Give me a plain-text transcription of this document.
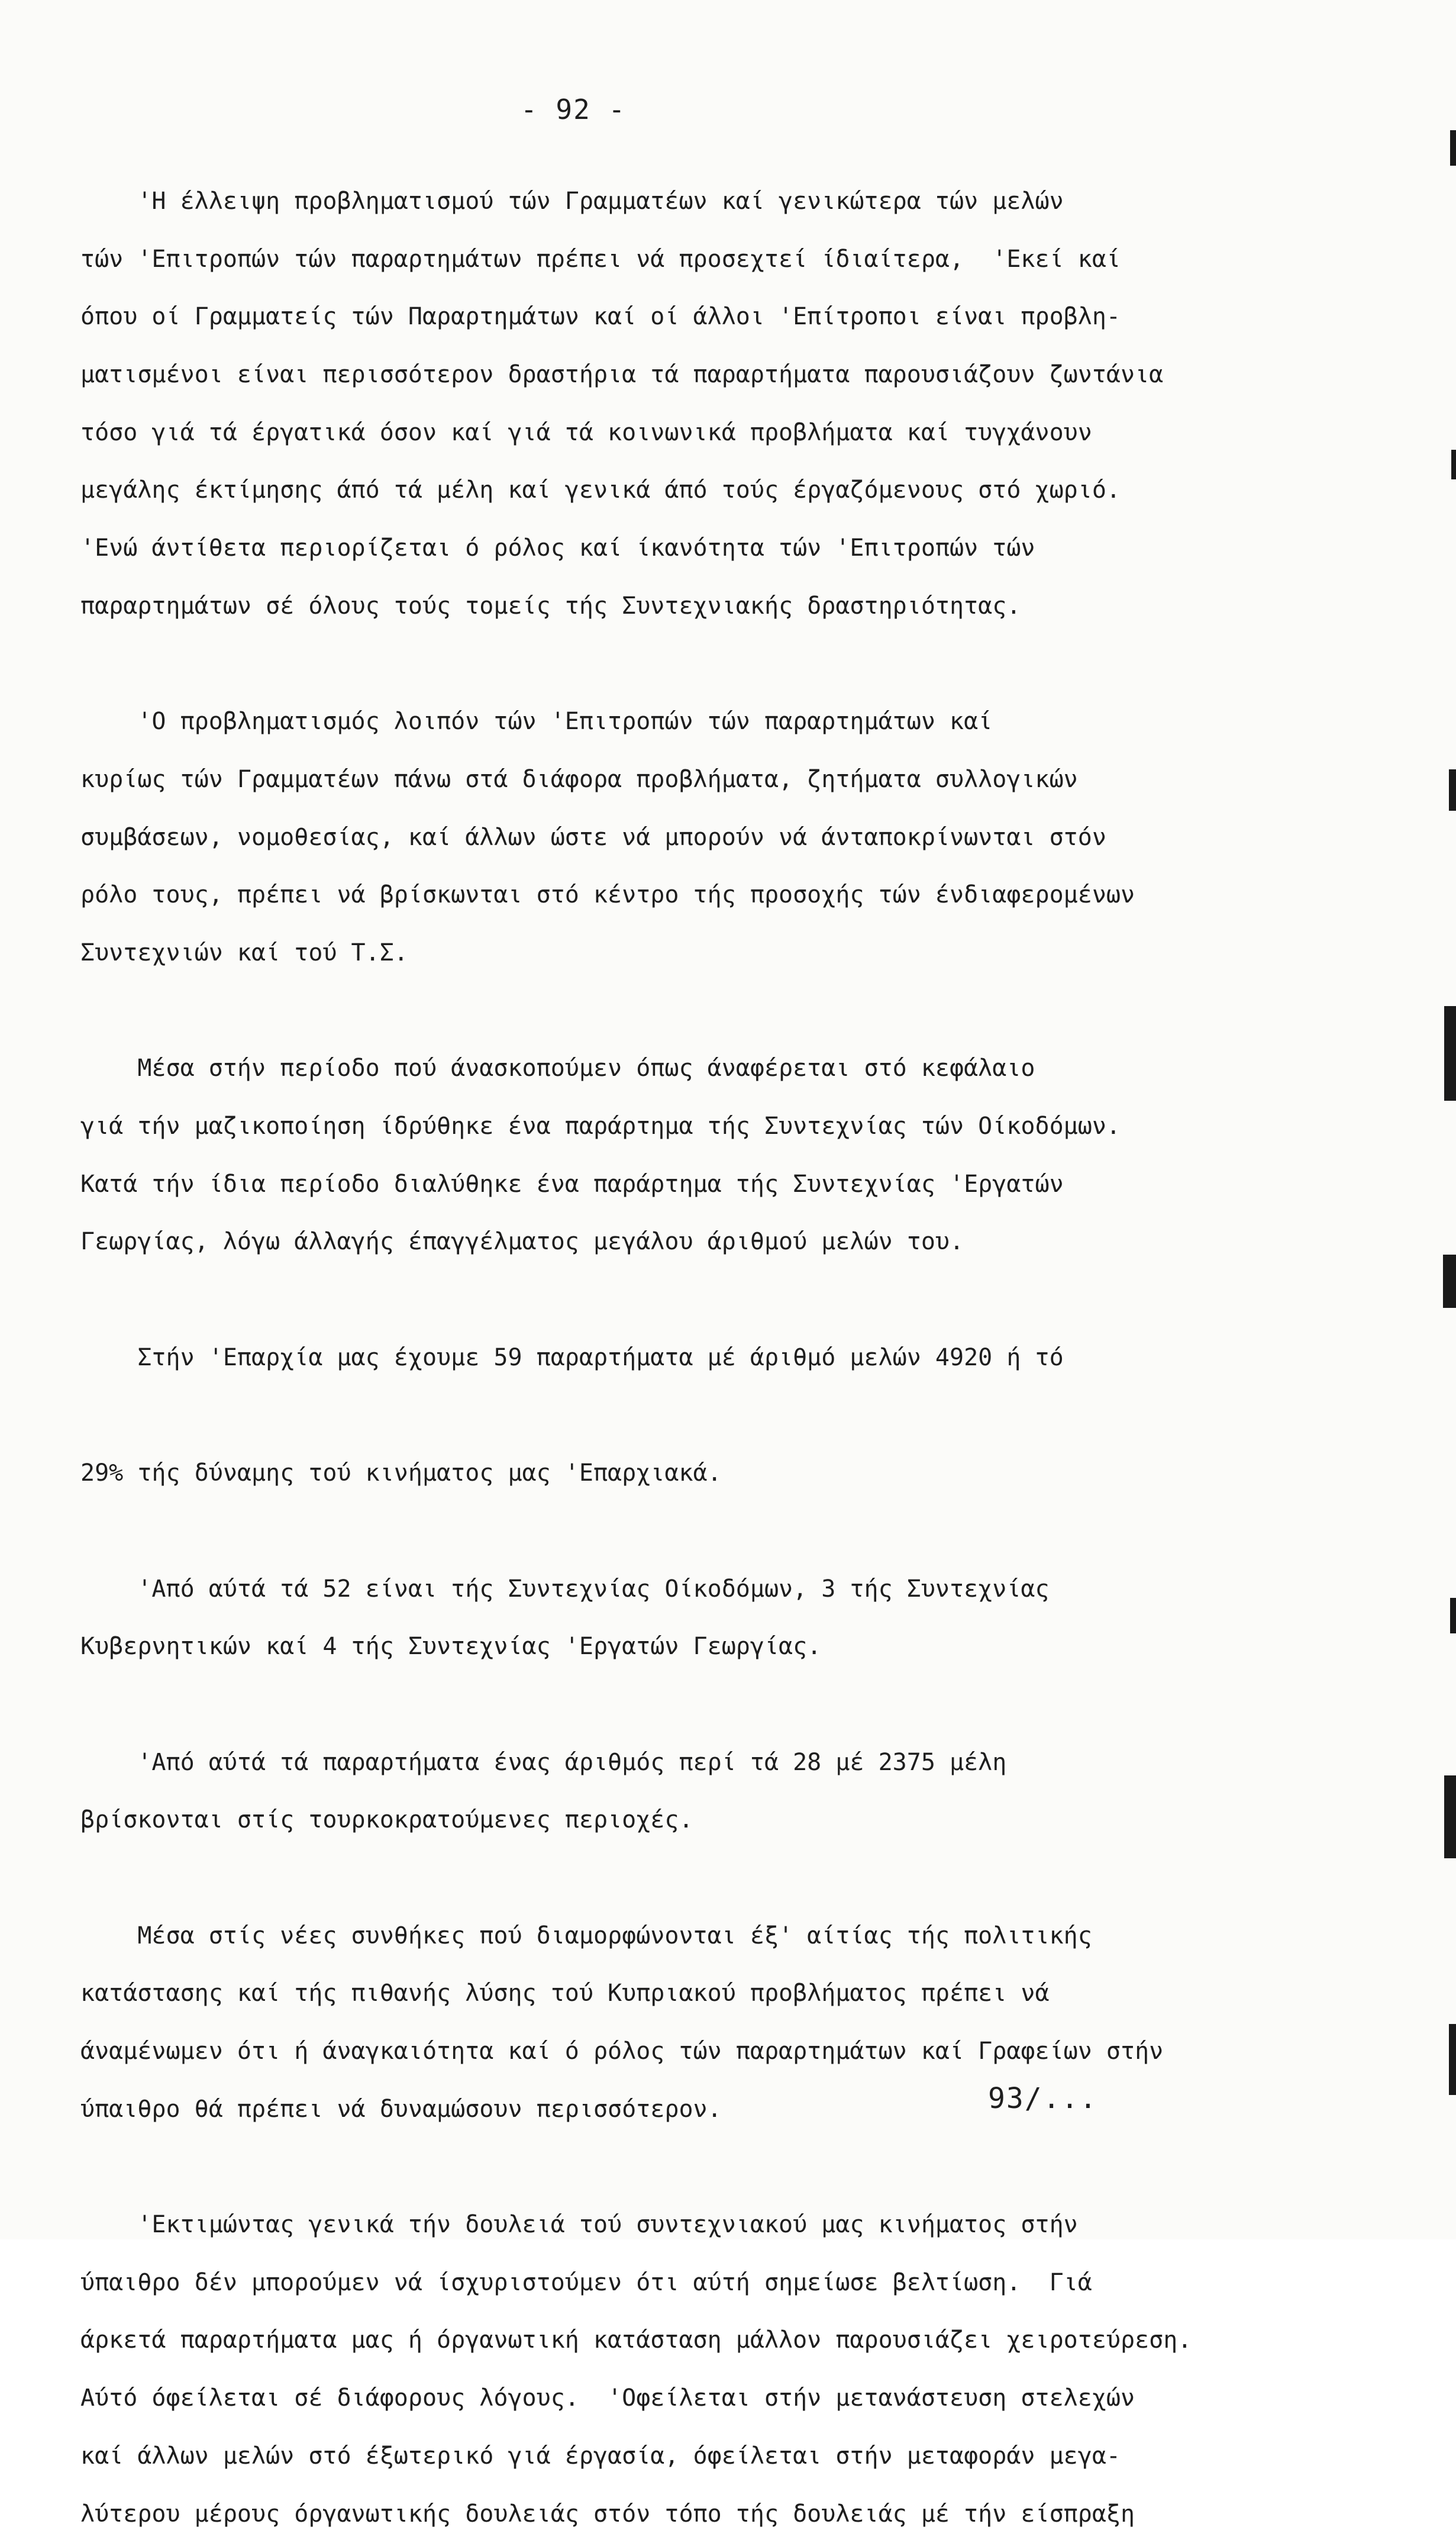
- 92 -
'Η έλλειψη προβληματισμού τών Γραμματέων καί γενικώτερα τών μελών
τών 'Επιτροπών τών παραρτημάτων πρέπει νά προσεχτεί ίδιαίτερα,  'Εκεί καί
όπου οί Γραμματείς τών Παραρτημάτων καί οί άλλοι 'Επίτροποι είναι προβλη-
ματισμένοι είναι περισσότερον δραστήρια τά παραρτήματα παρουσιάζουν ζωντάνια
τόσο γιά τά έργατικά όσον καί γιά τά κοινωνικά προβλήματα καί τυγχάνουν
μεγάλης έκτίμησης άπό τά μέλη καί γενικά άπό τούς έργαζόμενους στό χωριό.
'Ενώ άντίθετα περιορίζεται ό ρόλος καί ίκανότητα τών 'Επιτροπών τών
παραρτημάτων σέ όλους τούς τομείς τής Συντεχνιακής δραστηριότητας.
'Ο προβληματισμός λοιπόν τών 'Επιτροπών τών παραρτημάτων καί
κυρίως τών Γραμματέων πάνω στά διάφορα προβλήματα, ζητήματα συλλογικών
συμβάσεων, νομοθεσίας, καί άλλων ώστε νά μπορούν νά άνταποκρίνωνται στόν
ρόλο τους, πρέπει νά βρίσκωνται στό κέντρο τής προσοχής τών ένδιαφερομένων
Συντεχνιών καί τού Τ.Σ.
Μέσα στήν περίοδο πού άνασκοπούμεν όπως άναφέρεται στό κεφάλαιο
γιά τήν μαζικοποίηση ίδρύθηκε ένα παράρτημα τής Συντεχνίας τών Οίκοδόμων.
Κατά τήν ίδια περίοδο διαλύθηκε ένα παράρτημα τής Συντεχνίας 'Εργατών
Γεωργίας, λόγω άλλαγής έπαγγέλματος μεγάλου άριθμού μελών του.
Στήν 'Επαρχία μας έχουμε 59 παραρτήματα μέ άριθμό μελών 4920 ή τό
29% τής δύναμης τού κινήματος μας 'Επαρχιακά.
'Από αύτά τά 52 είναι τής Συντεχνίας Οίκοδόμων, 3 τής Συντεχνίας
Κυβερνητικών καί 4 τής Συντεχνίας 'Εργατών Γεωργίας.
'Από αύτά τά παραρτήματα ένας άριθμός περί τά 28 μέ 2375 μέλη
βρίσκονται στίς τουρκοκρατούμενες περιοχές.
Μέσα στίς νέες συνθήκες πού διαμορφώνονται έξ' αίτίας τής πολιτικής
κατάστασης καί τής πιθανής λύσης τού Κυπριακού προβλήματος πρέπει νά
άναμένωμεν ότι ή άναγκαιότητα καί ό ρόλος τών παραρτημάτων καί Γραφείων στήν
ύπαιθρο θά πρέπει νά δυναμώσουν περισσότερον.
'Εκτιμώντας γενικά τήν δουλειά τού συντεχνιακού μας κινήματος στήν
ύπαιθρο δέν μπορούμεν νά ίσχυριστούμεν ότι αύτή σημείωσε βελτίωση.  Γιά
άρκετά παραρτήματα μας ή όργανωτική κατάσταση μάλλον παρουσιάζει χειροτεύρεση.
Αύτό όφείλεται σέ διάφορους λόγους.  'Οφείλεται στήν μετανάστευση στελεχών
καί άλλων μελών στό έξωτερικό γιά έργασία, όφείλεται στήν μεταφοράν μεγα-
λύτερου μέρους όργανωτικής δουλειάς στόν τόπο τής δουλειάς μέ τήν είσπραξη
93/...
